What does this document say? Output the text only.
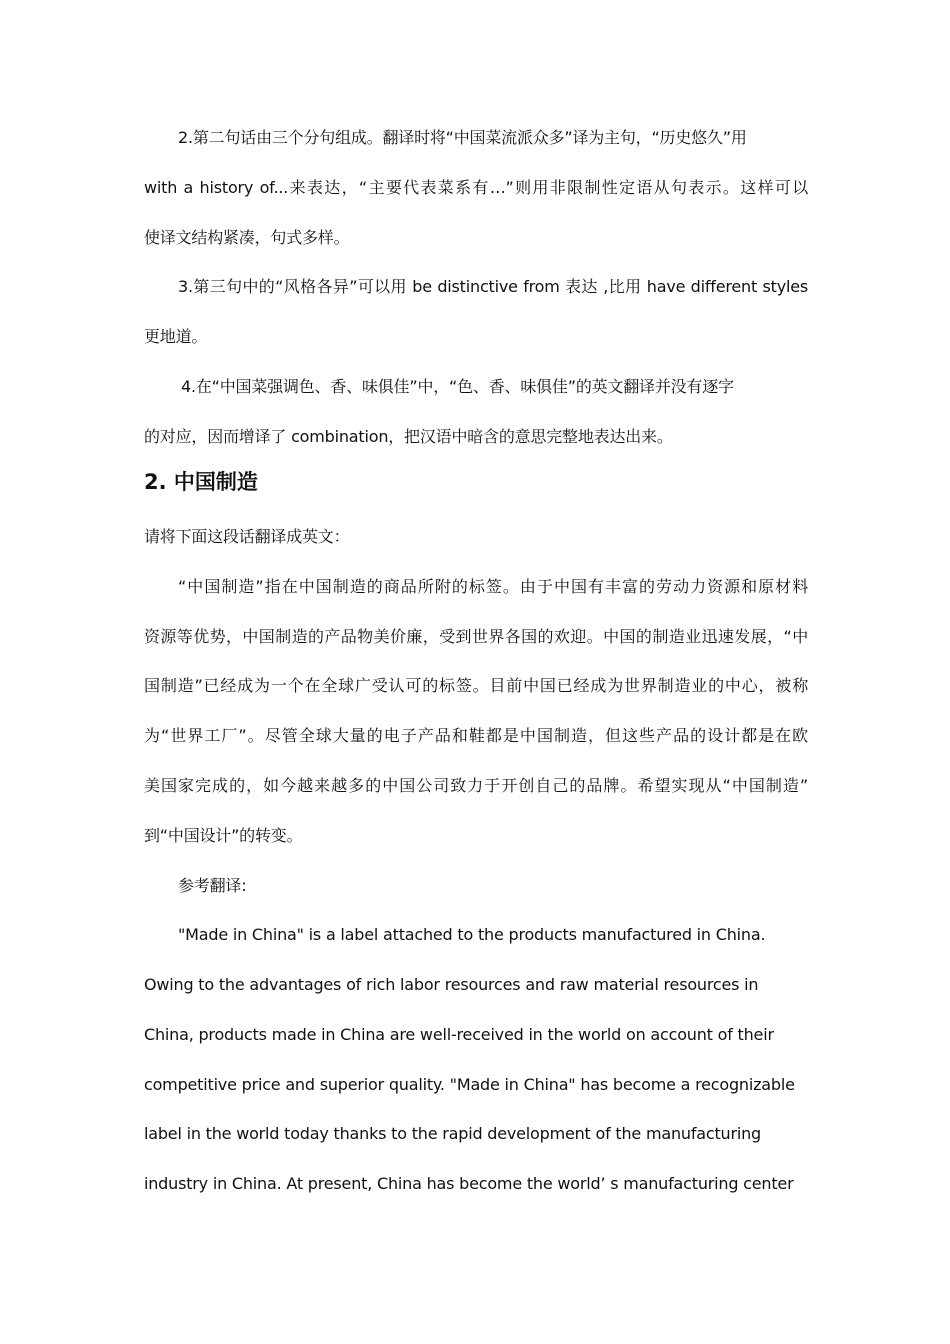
2.第二句话由三个分句组成。翻译时将“中国菜流派众多”译为主句，“历史悠久”用
with a history of...来表达，“主要代表菜系有…”则用非限制性定语从句表示。这样可以
使译文结构紧凑，句式多样。
3.第三句中的“风格各异”可以用 be distinctive from 表达 ,比用 have different styles
更地道。
4.在“中国菜强调色、香、味俱佳”中，“色、香、味俱佳”的英文翻译并没有逐字
的对应，因而增译了 combination，把汉语中暗含的意思完整地表达出来。
2. 中国制造
请将下面这段话翻译成英文：
“中国制造”指在中国制造的商品所附的标签。由于中国有丰富的劳动力资源和原材料
资源等优势，中国制造的产品物美价廉，受到世界各国的欢迎。中国的制造业迅速发展，“中
国制造”已经成为一个在全球广受认可的标签。目前中国已经成为世界制造业的中心，被称
为“世界工厂”。尽管全球大量的电子产品和鞋都是中国制造，但这些产品的设计都是在欧
美国家完成的，如今越来越多的中国公司致力于开创自己的品牌。希望实现从“中国制造”
到“中国设计”的转变。
参考翻译:
"Made in China" is a label attached to the products manufactured in China.
Owing to the advantages of rich labor resources and raw material resources in
China, products made in China are well-received in the world on account of their
competitive price and superior quality. "Made in China" has become a recognizable
label in the world today thanks to the rapid development of the manufacturing
industry in China. At present, China has become the world’ s manufacturing center
